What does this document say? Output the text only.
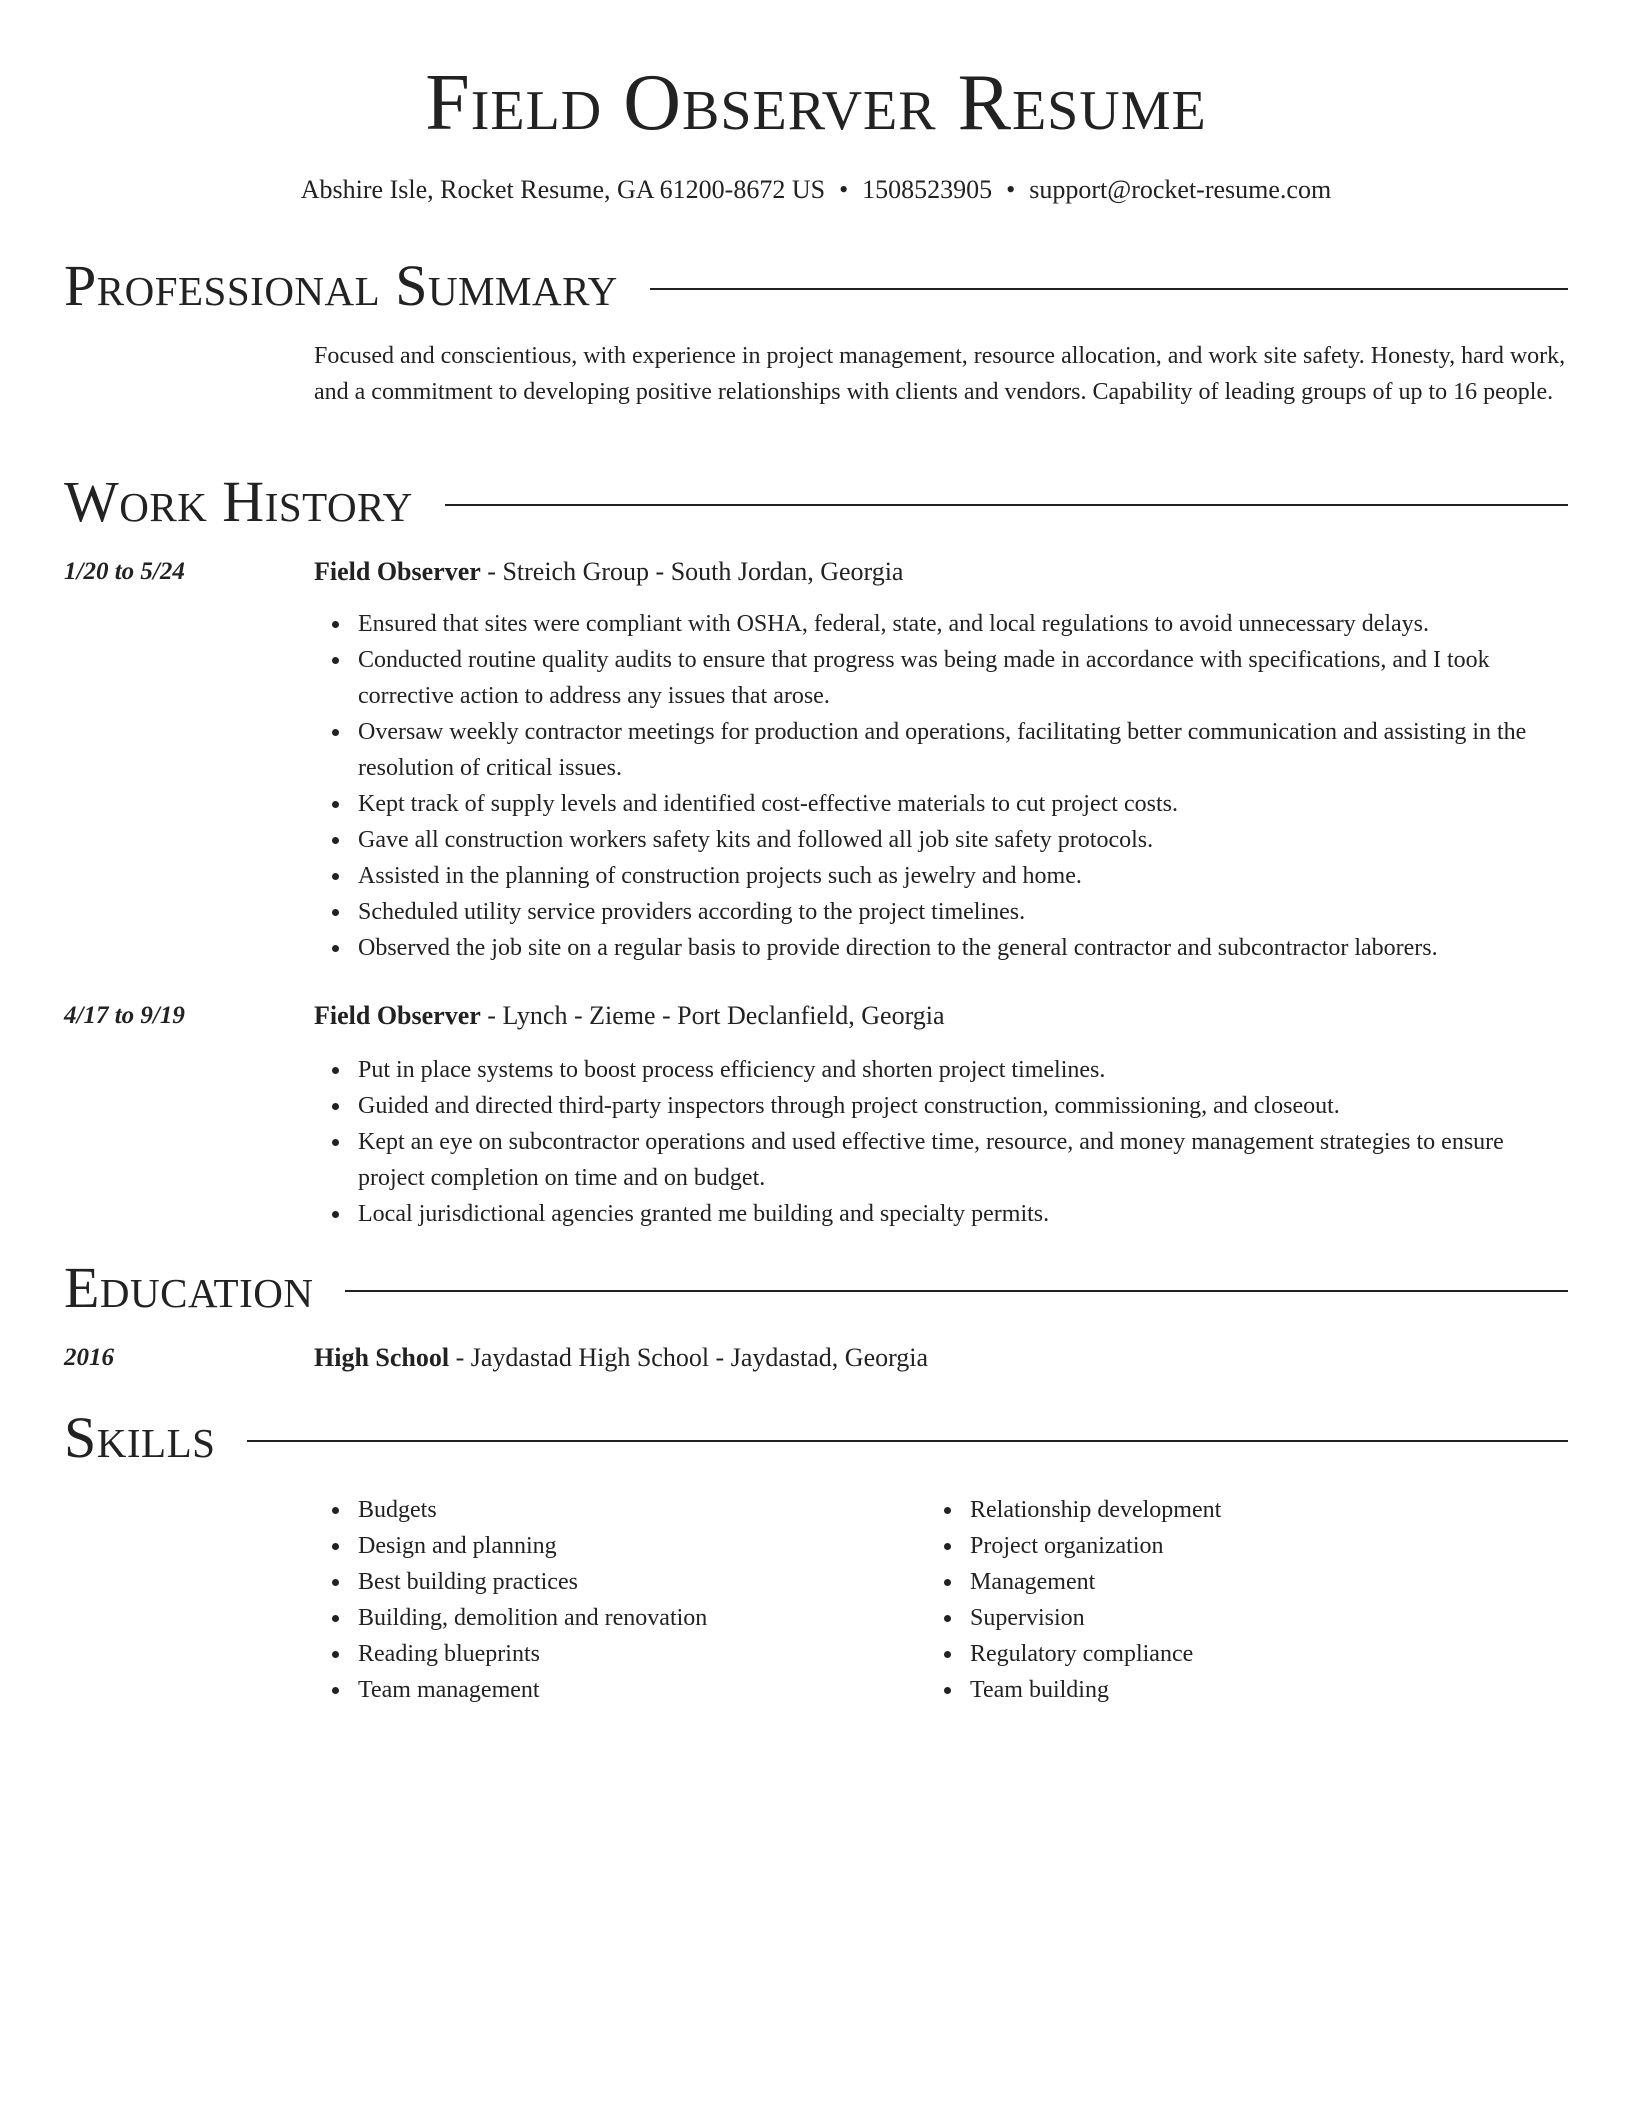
Field Observer Resume
Abshire Isle, Rocket Resume, GA 61200-8672 US • 1508523905 • support@rocket-resume.com
Professional Summary

Focused and conscientious, with experience in project management, resource allocation, and work site safety. Honesty, hard work, and a commitment to developing positive relationships with clients and vendors. Capability of leading groups of up to 16 people.

Work History
1/20 to 5/24	Field Observer - Streich Group - South Jordan, Georgia
Ensured that sites were compliant with OSHA, federal, state, and local regulations to avoid unnecessary delays.
Conducted routine quality audits to ensure that progress was being made in accordance with specifications, and I took corrective action to address any issues that arose.
Oversaw weekly contractor meetings for production and operations, facilitating better communication and assisting in the resolution of critical issues.
Kept track of supply levels and identified cost-effective materials to cut project costs.
Gave all construction workers safety kits and followed all job site safety protocols.
Assisted in the planning of construction projects such as jewelry and home.
Scheduled utility service providers according to the project timelines.
Observed the job site on a regular basis to provide direction to the general contractor and subcontractor laborers.
4/17 to 9/19	Field Observer - Lynch - Zieme - Port Declanfield, Georgia
Put in place systems to boost process efficiency and shorten project timelines.
Guided and directed third-party inspectors through project construction, commissioning, and closeout.
Kept an eye on subcontractor operations and used effective time, resource, and money management strategies to ensure project completion on time and on budget.
Local jurisdictional agencies granted me building and specialty permits.
Education
2016	High School - Jaydastad High School - Jaydastad, Georgia
Skills
Budgets
Design and planning
Best building practices
Building, demolition and renovation
Reading blueprints
Team management
Relationship development
Project organization
Management
Supervision
Regulatory compliance
Team building
